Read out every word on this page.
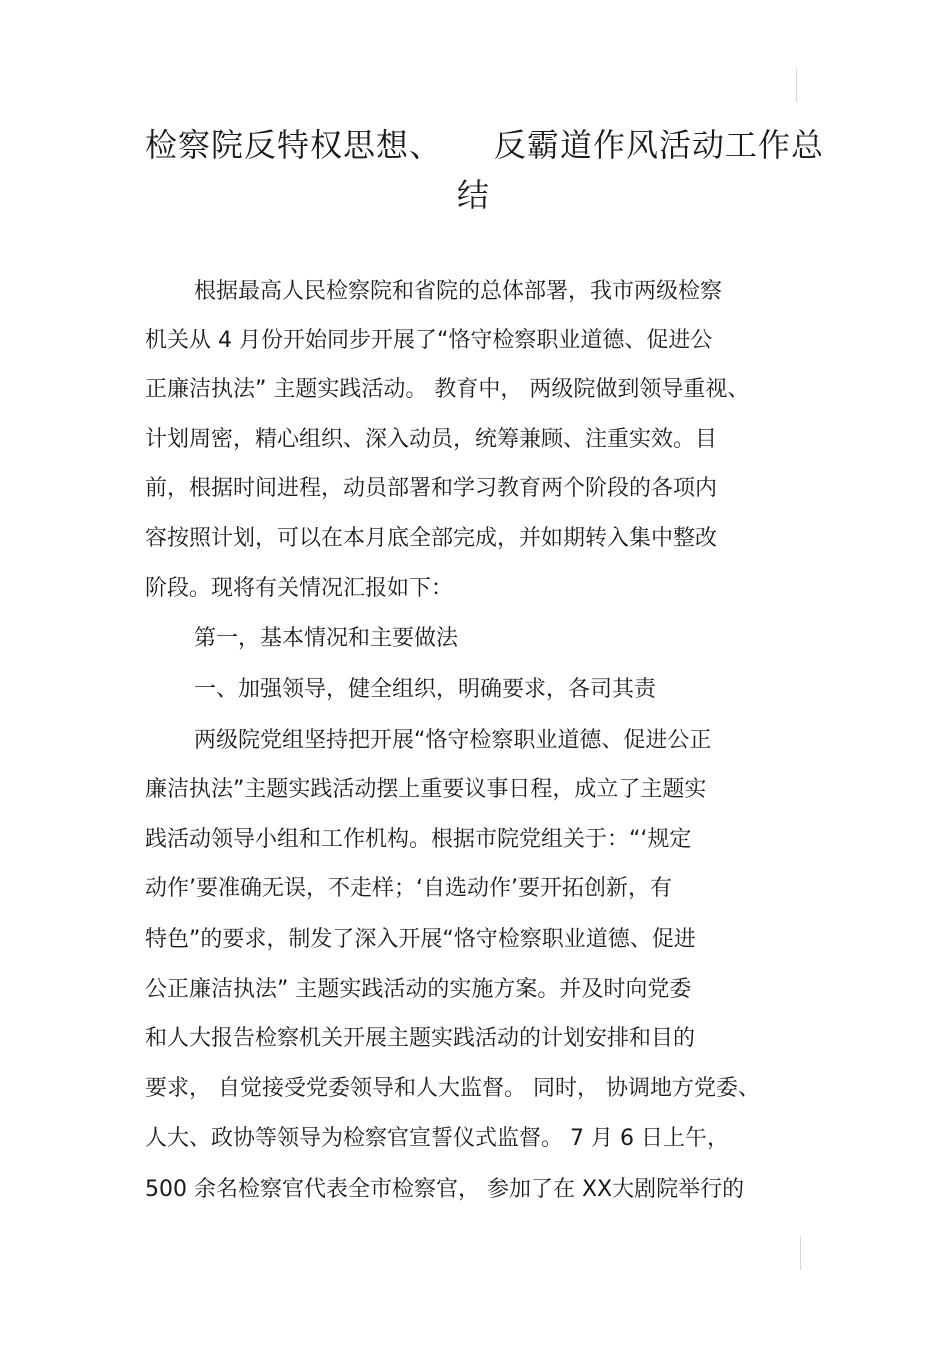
检察院反特权思想、 反霸道作风活动工作总
结
根据最高人民检察院和省院的总体部署，我市两级检察
机关从 4 月份开始同步开展了“恪守检察职业道德、促进公
正廉洁执法” 主题实践活动。 教育中， 两级院做到领导重视、
计划周密，精心组织、深入动员，统筹兼顾、注重实效。目
前，根据时间进程，动员部署和学习教育两个阶段的各项内
容按照计划，可以在本月底全部完成，并如期转入集中整改
阶段。现将有关情况汇报如下：
第一，基本情况和主要做法
一、加强领导，健全组织，明确要求，各司其责
两级院党组坚持把开展“恪守检察职业道德、促进公正
廉洁执法”主题实践活动摆上重要议事日程，成立了主题实
践活动领导小组和工作机构。根据市院党组关于：“‘规定
动作’要准确无误，不走样；‘自选动作’要开拓创新，有
特色”的要求，制发了深入开展“恪守检察职业道德、促进
公正廉洁执法” 主题实践活动的实施方案。并及时向党委
和人大报告检察机关开展主题实践活动的计划安排和目的
要求， 自觉接受党委领导和人大监督。 同时， 协调地方党委、
人大、政协等领导为检察官宣誓仪式监督。 7 月 6 日上午，
500 余名检察官代表全市检察官， 参加了在 XX大剧院举行的
